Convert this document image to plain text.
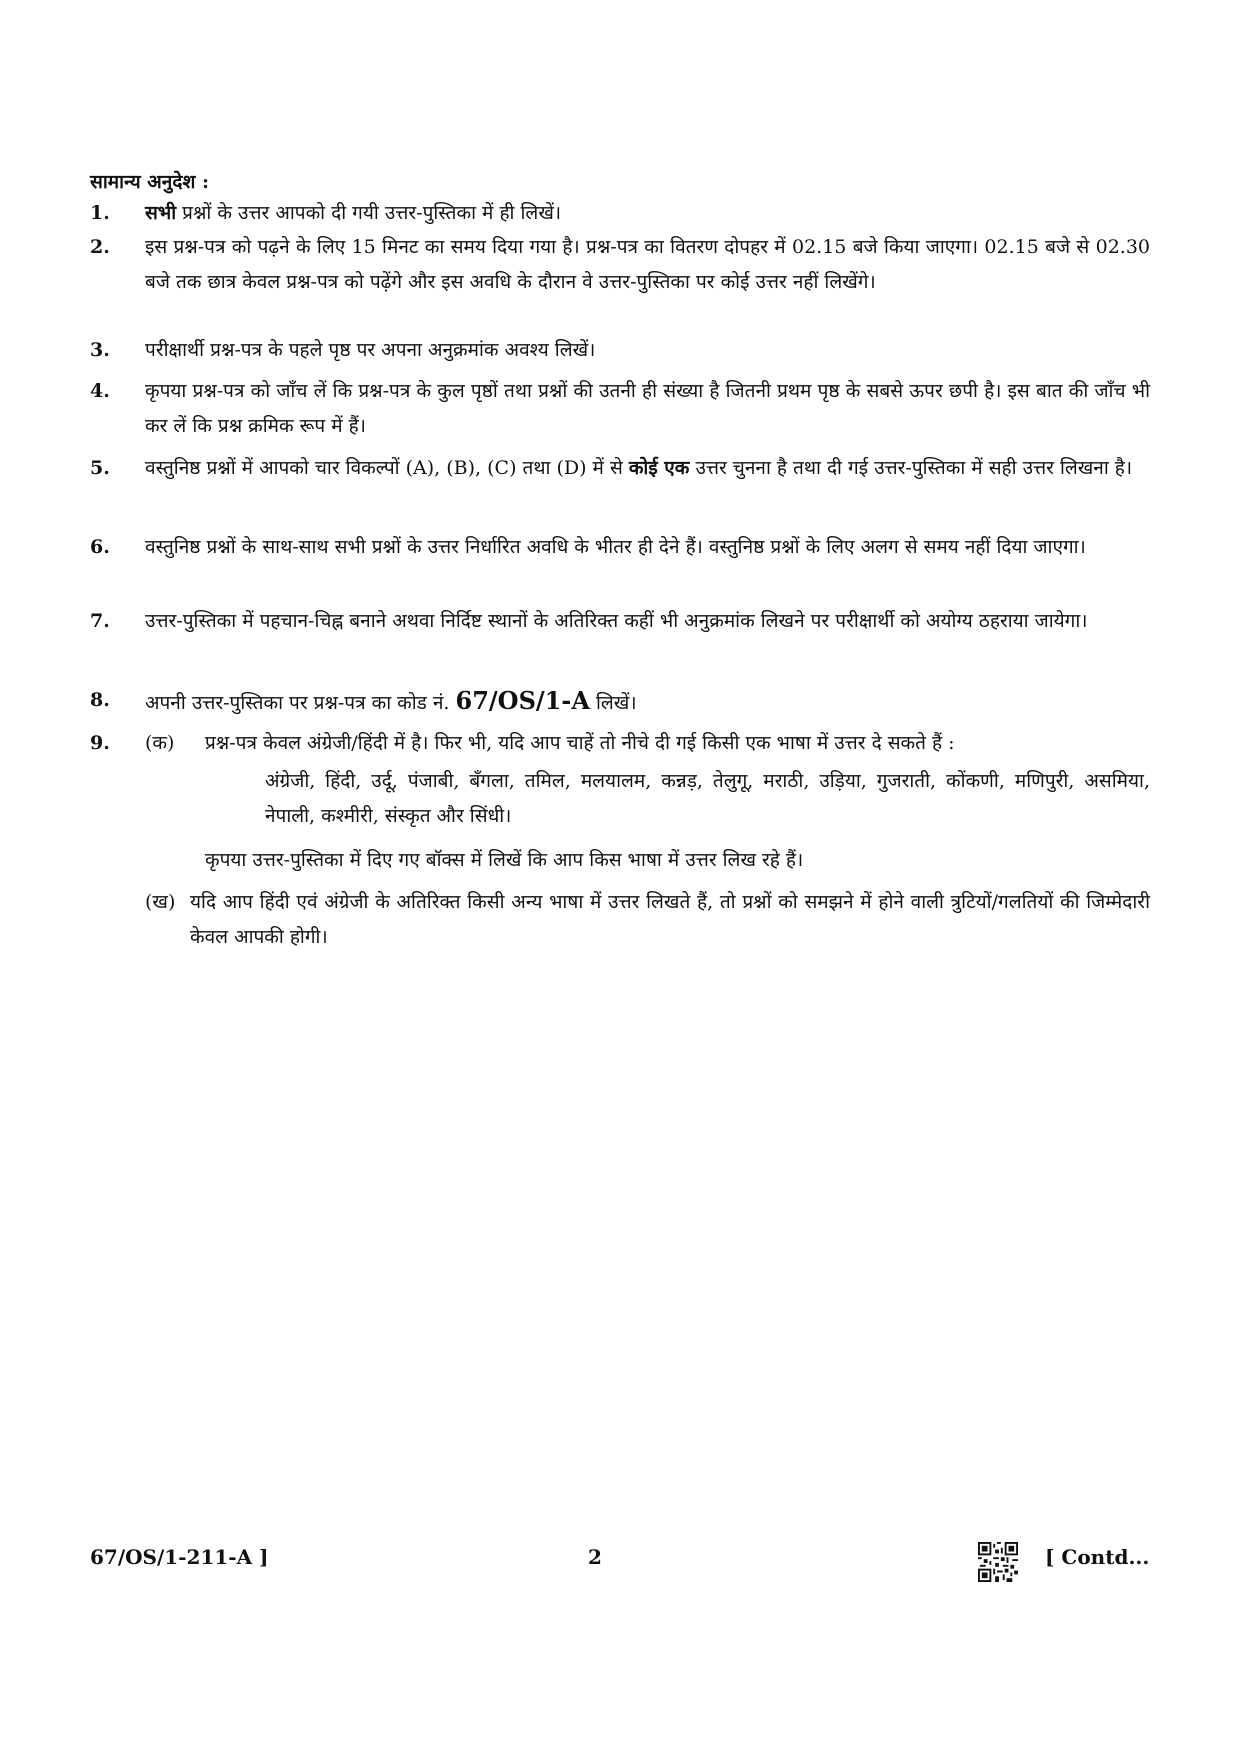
सामान्य अनुदेश :
1.	सभी प्रश्नों के उत्तर आपको दी गयी उत्तर-पुस्तिका में ही लिखें।
2.	इस प्रश्न-पत्र को पढ़ने के लिए 15 मिनट का समय दिया गया है। प्रश्न-पत्र का वितरण दोपहर में 02.15 बजे किया जाएगा। 02.15 बजे से 02.30 बजे तक छात्र केवल प्रश्न-पत्र को पढ़ेंगे और इस अवधि के दौरान वे उत्तर-पुस्तिका पर कोई उत्तर नहीं लिखेंगे।
3.	परीक्षार्थी प्रश्न-पत्र के पहले पृष्ठ पर अपना अनुक्रमांक अवश्य लिखें।
4.	कृपया प्रश्न-पत्र को जाँच लें कि प्रश्न-पत्र के कुल पृष्ठों तथा प्रश्नों की उतनी ही संख्या है जितनी प्रथम पृष्ठ के सबसे ऊपर छपी है। इस बात की जाँच भी कर लें कि प्रश्न क्रमिक रूप में हैं।
5.	वस्तुनिष्ठ प्रश्नों में आपको चार विकल्पों (A), (B), (C) तथा (D) में से कोई एक उत्तर चुनना है तथा दी गई उत्तर-पुस्तिका में सही उत्तर लिखना है।
6.	वस्तुनिष्ठ प्रश्नों के साथ-साथ सभी प्रश्नों के उत्तर निर्धारित अवधि के भीतर ही देने हैं। वस्तुनिष्ठ प्रश्नों के लिए अलग से समय नहीं दिया जाएगा।
7.	उत्तर-पुस्तिका में पहचान-चिह्न बनाने अथवा निर्दिष्ट स्थानों के अतिरिक्त कहीं भी अनुक्रमांक लिखने पर परीक्षार्थी को अयोग्य ठहराया जायेगा।
8.	अपनी उत्तर-पुस्तिका पर प्रश्न-पत्र का कोड नं. 67/OS/1-A लिखें।
9.	(क) प्रश्न-पत्र केवल अंग्रेजी/हिंदी में है। फिर भी, यदि आप चाहें तो नीचे दी गई किसी एक भाषा में उत्तर दे सकते हैं :
अंग्रेजी, हिंदी, उर्दू, पंजाबी, बँगला, तमिल, मलयालम, कन्नड़, तेलुगू, मराठी, उड़िया, गुजराती, कोंकणी, मणिपुरी, असमिया, नेपाली, कश्मीरी, संस्कृत और सिंधी।
कृपया उत्तर-पुस्तिका में दिए गए बॉक्स में लिखें कि आप किस भाषा में उत्तर लिख रहे हैं।
(ख) यदि आप हिंदी एवं अंग्रेजी के अतिरिक्त किसी अन्य भाषा में उत्तर लिखते हैं, तो प्रश्नों को समझने में होने वाली त्रुटियों/गलतियों की जिम्मेदारी केवल आपकी होगी।
67/OS/1-211-A ]	2	[ Contd...
